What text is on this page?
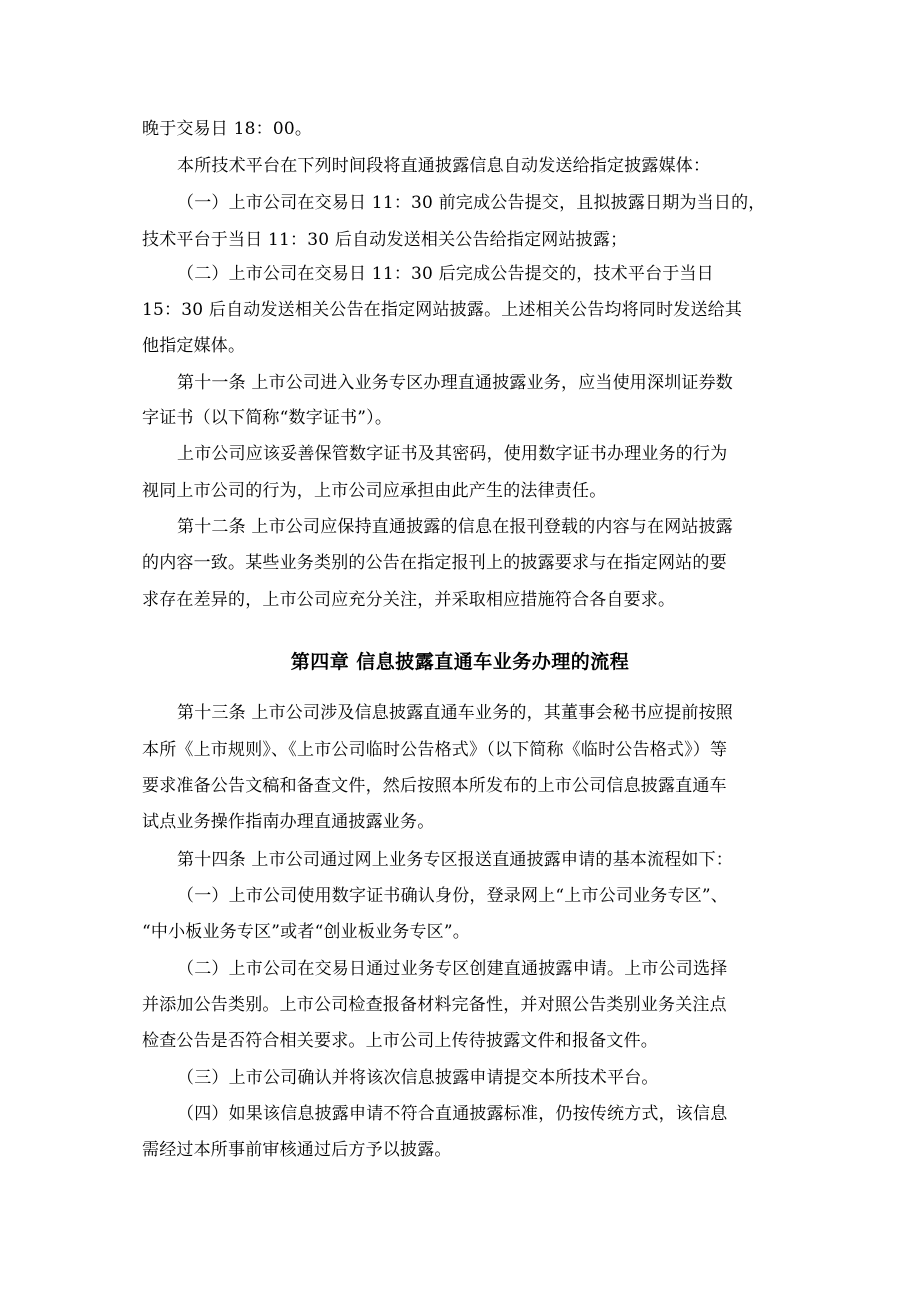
晚于交易日 18：00。
本所技术平台在下列时间段将直通披露信息自动发送给指定披露媒体：
（一）上市公司在交易日 11：30 前完成公告提交，且拟披露日期为当日的，
技术平台于当日 11：30 后自动发送相关公告给指定网站披露；
（二）上市公司在交易日 11：30 后完成公告提交的，技术平台于当日
15：30 后自动发送相关公告在指定网站披露。上述相关公告均将同时发送给其
他指定媒体。
第十一条 上市公司进入业务专区办理直通披露业务，应当使用深圳证券数
字证书（以下简称“数字证书”）。
上市公司应该妥善保管数字证书及其密码，使用数字证书办理业务的行为
视同上市公司的行为，上市公司应承担由此产生的法律责任。
第十二条 上市公司应保持直通披露的信息在报刊登载的内容与在网站披露
的内容一致。某些业务类别的公告在指定报刊上的披露要求与在指定网站的要
求存在差异的，上市公司应充分关注，并采取相应措施符合各自要求。
第四章 信息披露直通车业务办理的流程
第十三条 上市公司涉及信息披露直通车业务的，其董事会秘书应提前按照
本所《上市规则》、《上市公司临时公告格式》（以下简称《临时公告格式》）等
要求准备公告文稿和备查文件，然后按照本所发布的上市公司信息披露直通车
试点业务操作指南办理直通披露业务。
第十四条 上市公司通过网上业务专区报送直通披露申请的基本流程如下：
（一）上市公司使用数字证书确认身份，登录网上“上市公司业务专区”、
“中小板业务专区”或者“创业板业务专区”。
（二）上市公司在交易日通过业务专区创建直通披露申请。上市公司选择
并添加公告类别。上市公司检查报备材料完备性，并对照公告类别业务关注点
检查公告是否符合相关要求。上市公司上传待披露文件和报备文件。
（三）上市公司确认并将该次信息披露申请提交本所技术平台。
（四）如果该信息披露申请不符合直通披露标准，仍按传统方式，该信息
需经过本所事前审核通过后方予以披露。
